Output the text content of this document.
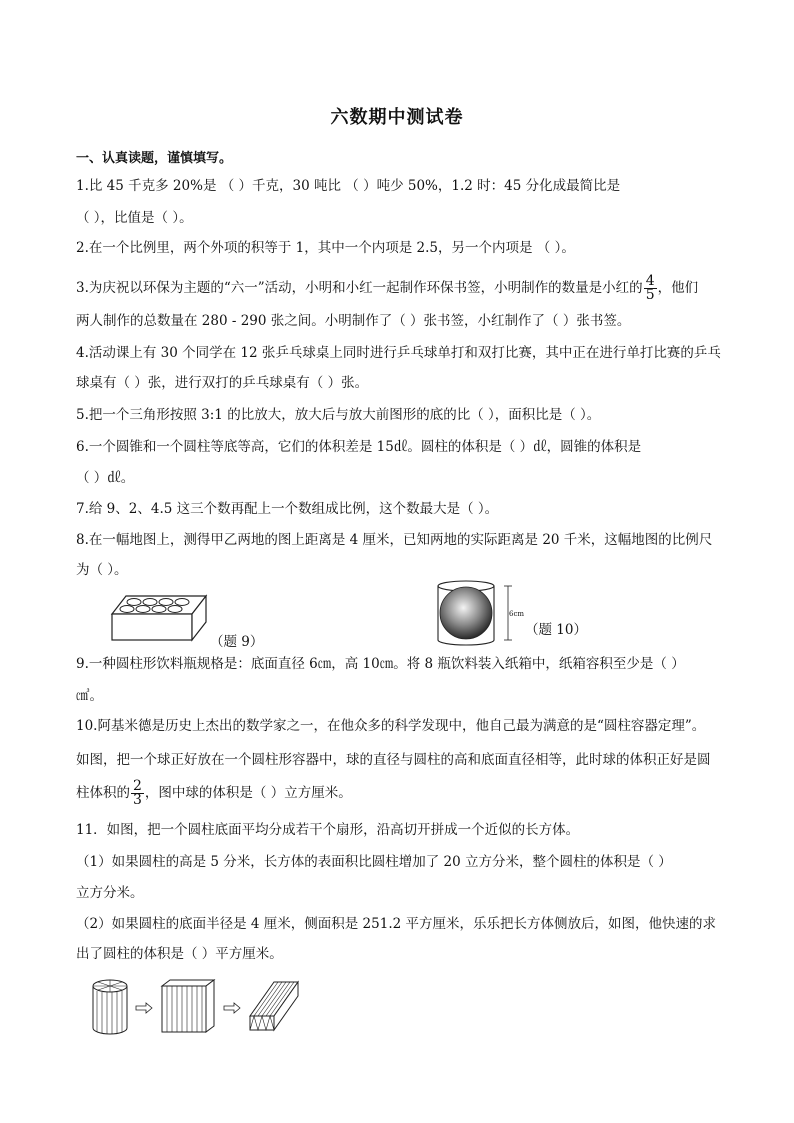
六数期中测试卷
一、认真读题，谨慎填写。
1.比 45 千克多 20%是 （ ）千克，30 吨比 （ ）吨少 50%，1.2 时：45 分化成最简比是
（ ），比值是（ ）。
2.在一个比例里，两个外项的积等于 1，其中一个内项是 2.5，另一个内项是 （ ）。
3.为庆祝以环保为主题的“六一”活动，小明和小红一起制作环保书签，小明制作的数量是小红的 $\frac{4}{5}$ ，他们
两人制作的总数量在 280 - 290 张之间。小明制作了（ ）张书签，小红制作了（ ）张书签。
4.活动课上有 30 个同学在 12 张乒乓球桌上同时进行乒乓球单打和双打比赛，其中正在进行单打比赛的乒乓
球桌有（ ）张，进行双打的乒乓球桌有（ ）张。
5.把一个三角形按照 3:1 的比放大，放大后与放大前图形的底的比（ ），面积比是（ ）。
6.一个圆锥和一个圆柱等底等高，它们的体积差是 15㎗。圆柱的体积是（ ）㎗，圆锥的体积是
（ ）㎗。
7.给 9、2、4.5 这三个数再配上一个数组成比例，这个数最大是（ ）。
8.在一幅地图上，测得甲乙两地的图上距离是 4 厘米，已知两地的实际距离是 20 千米，这幅地图的比例尺
为（ ）。
（题 9）
6cm
（题 10）
9.一种圆柱形饮料瓶规格是：底面直径 6㎝，高 10㎝。将 8 瓶饮料装入纸箱中，纸箱容积至少是（ ）
㎤。
10.阿基米德是历史上杰出的数学家之一，在他众多的科学发现中，他自己最为满意的是“圆柱容器定理”。
如图，把一个球正好放在一个圆柱形容器中，球的直径与圆柱的高和底面直径相等，此时球的体积正好是圆
柱体积的 $\frac{2}{3}$ ，图中球的体积是（ ）立方厘米。
11．如图，把一个圆柱底面平均分成若干个扇形，沿高切开拼成一个近似的长方体。
（1）如果圆柱的高是 5 分米，长方体的表面积比圆柱增加了 20 立方分米，整个圆柱的体积是（ ）
立方分米。
（2）如果圆柱的底面半径是 4 厘米，侧面积是 251.2 平方厘米，乐乐把长方体侧放后，如图，他快速的求
出了圆柱的体积是（ ）平方厘米。
